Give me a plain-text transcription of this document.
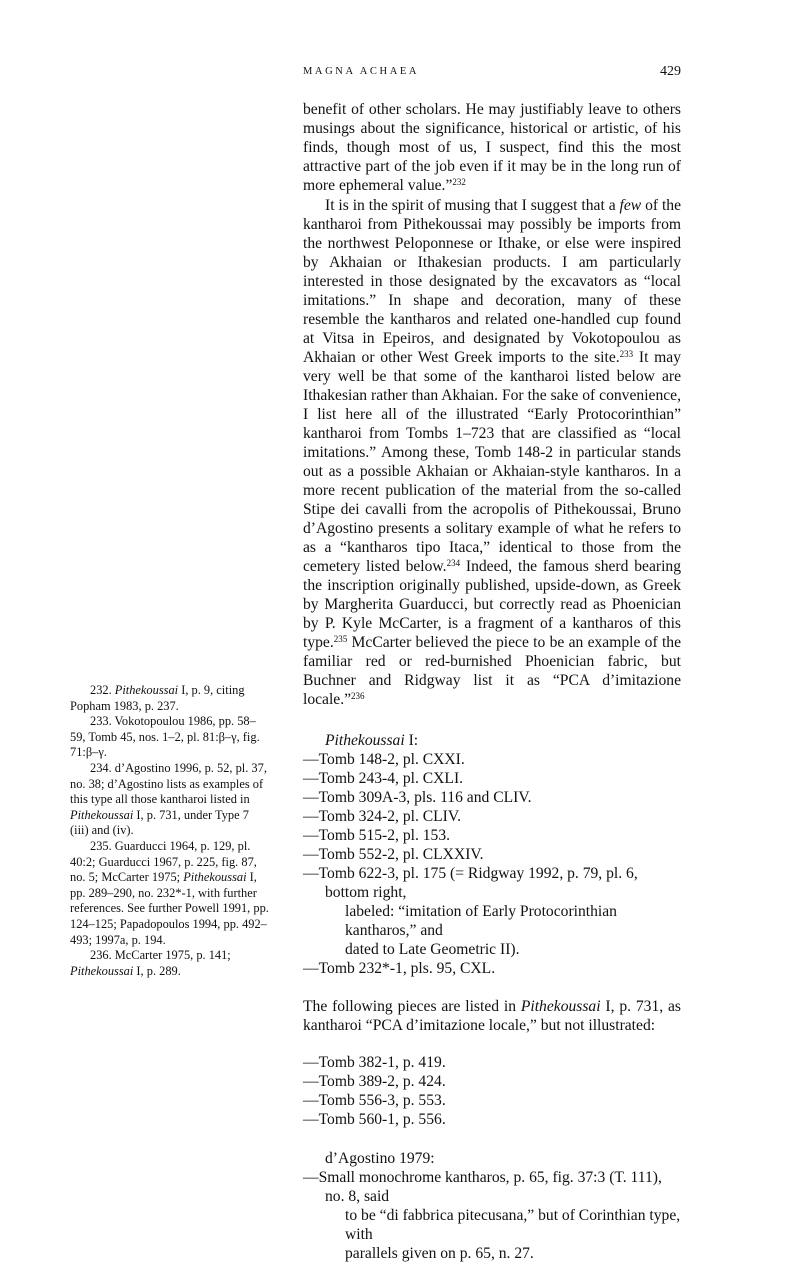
MAGNA ACHAEA	429

benefit of other scholars. He may justifiably leave to others musings about the significance, historical or artistic, of his finds, though most of us, I suspect, find this the most attractive part of the job even if it may be in the long run of more ephemeral value.”$^{232}$

It is in the spirit of musing that I suggest that a few of the kantharoi from Pithekoussai may possibly be imports from the northwest Peloponnese or Ithake, or else were inspired by Akhaian or Ithakesian products. I am particularly interested in those designated by the excavators as “local imitations.” In shape and decoration, many of these resemble the kantharos and related one-handled cup found at Vitsa in Epeiros, and designated by Vokotopoulou as Akhaian or other West Greek imports to the site.$^{233}$ It may very well be that some of the kantharoi listed below are Ithakesian rather than Akhaian. For the sake of convenience, I list here all of the illustrated “Early Protocorinthian” kantharoi from Tombs 1–723 that are classified as “local imitations.” Among these, Tomb 148-2 in particular stands out as a possible Akhaian or Akhaian-style kantharos. In a more recent publication of the material from the so-called Stipe dei cavalli from the acropolis of Pithekoussai, Bruno d’Agostino presents a solitary example of what he refers to as a “kantharos tipo Itaca,” identical to those from the cemetery listed below.$^{234}$ Indeed, the famous sherd bearing the inscription originally published, upside-down, as Greek by Margherita Guarducci, but correctly read as Phoenician by P. Kyle McCarter, is a fragment of a kantharos of this type.$^{235}$ McCarter believed the piece to be an example of the familiar red or red-burnished Phoenician fabric, but Buchner and Ridgway list it as “PCA d’imitazione locale.”$^{236}$

Pithekoussai I:
—Tomb 148-2, pl. CXXI.
—Tomb 243-4, pl. CXLI.
—Tomb 309A-3, pls. 116 and CLIV.
—Tomb 324-2, pl. CLIV.
—Tomb 515-2, pl. 153.
—Tomb 552-2, pl. CLXXIV.
—Tomb 622-3, pl. 175 (= Ridgway 1992, p. 79, pl. 6, bottom right,
labeled: “imitation of Early Protocorinthian kantharos,” and
dated to Late Geometric II).
—Tomb 232*-1, pls. 95, CXL.

The following pieces are listed in Pithekoussai I, p. 731, as kantharoi “PCA d’imitazione locale,” but not illustrated:

—Tomb 382-1, p. 419.
—Tomb 389-2, p. 424.
—Tomb 556-3, p. 553.
—Tomb 560-1, p. 556.
d’Agostino 1979:
—Small monochrome kantharos, p. 65, fig. 37:3 (T. 111), no. 8, said
to be “di fabbrica pitecusana,” but of Corinthian type, with
parallels given on p. 65, n. 27.

232. Pithekoussai I, p. 9, citing Popham 1983, p. 237.

233. Vokotopoulou 1986, pp. 58–59, Tomb 45, nos. 1–2, pl. 81:β–γ, fig. 71:β–γ.

234. d’Agostino 1996, p. 52, pl. 37, no. 38; d’Agostino lists as examples of this type all those kantharoi listed in Pithekoussai I, p. 731, under Type 7 (iii) and (iv).

235. Guarducci 1964, p. 129, pl. 40:2; Guarducci 1967, p. 225, fig. 87, no. 5; McCarter 1975; Pithekoussai I, pp. 289–290, no. 232*-1, with further references. See further Powell 1991, pp. 124–125; Papadopoulos 1994, pp. 492–493; 1997a, p. 194.

236. McCarter 1975, p. 141; Pithekoussai I, p. 289.
